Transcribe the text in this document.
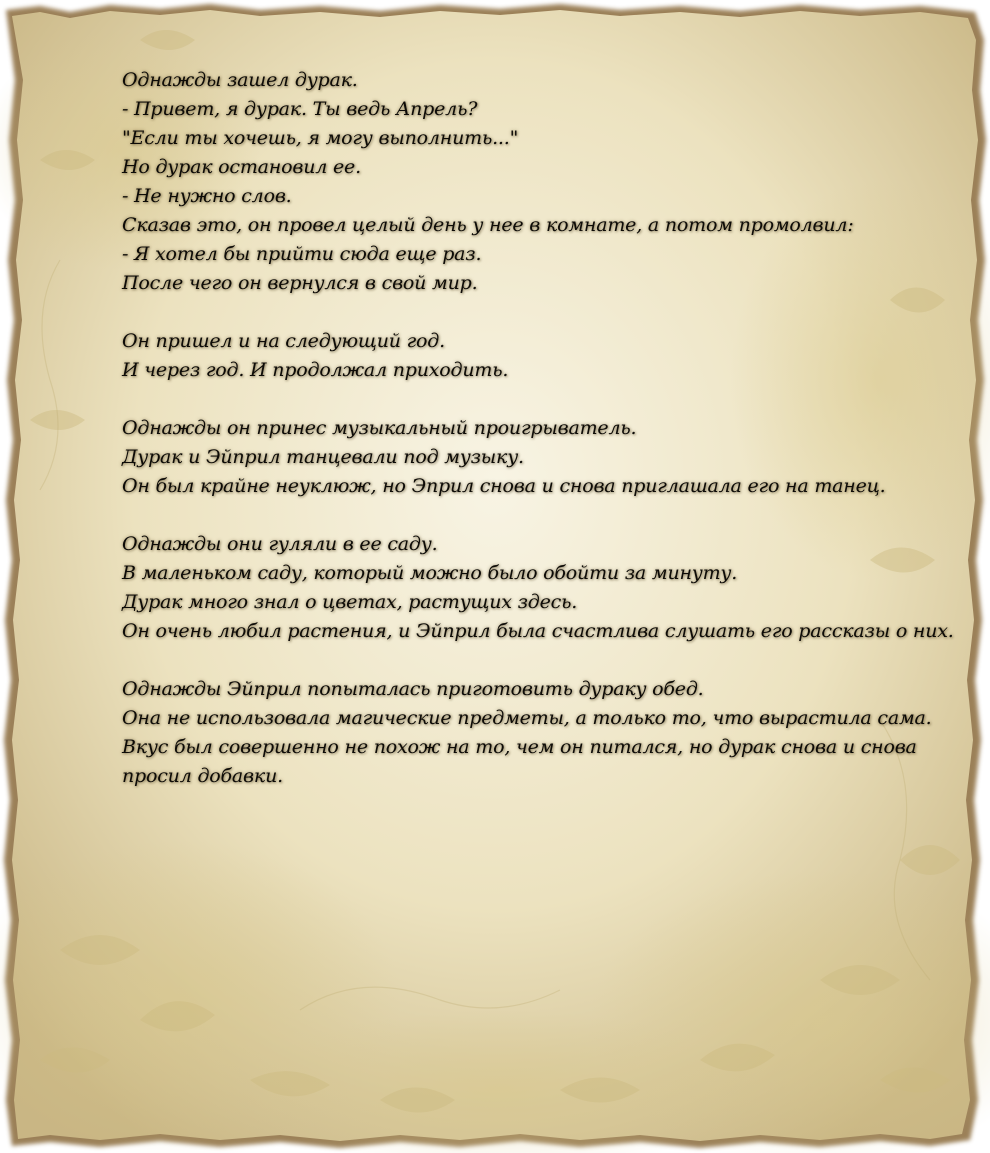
Однажды зашел дурак.
- Привет, я дурак. Ты ведь Апрель?
"Если ты хочешь, я могу выполнить..."
Но дурак остановил ее.
- Не нужно слов.
Сказав это, он провел целый день у нее в комнате, а потом промолвил:
- Я хотел бы прийти сюда еще раз.
После чего он вернулся в свой мир.
Он пришел и на следующий год.
И через год. И продолжал приходить.
Однажды он принес музыкальный проигрыватель.
Дурак и Эйприл танцевали под музыку.
Он был крайне неуклюж, но Эприл снова и снова приглашала его на танец.
Однажды они гуляли в ее саду.
В маленьком саду, который можно было обойти за минуту.
Дурак много знал о цветах, растущих здесь.
Он очень любил растения, и Эйприл была счастлива слушать его рассказы о них.
Однажды Эйприл попыталась приготовить дураку обед.
Она не использовала магические предметы, а только то, что вырастила сама.
Вкус был совершенно не похож на то, чем он питался, но дурак снова и снова
просил добавки.
